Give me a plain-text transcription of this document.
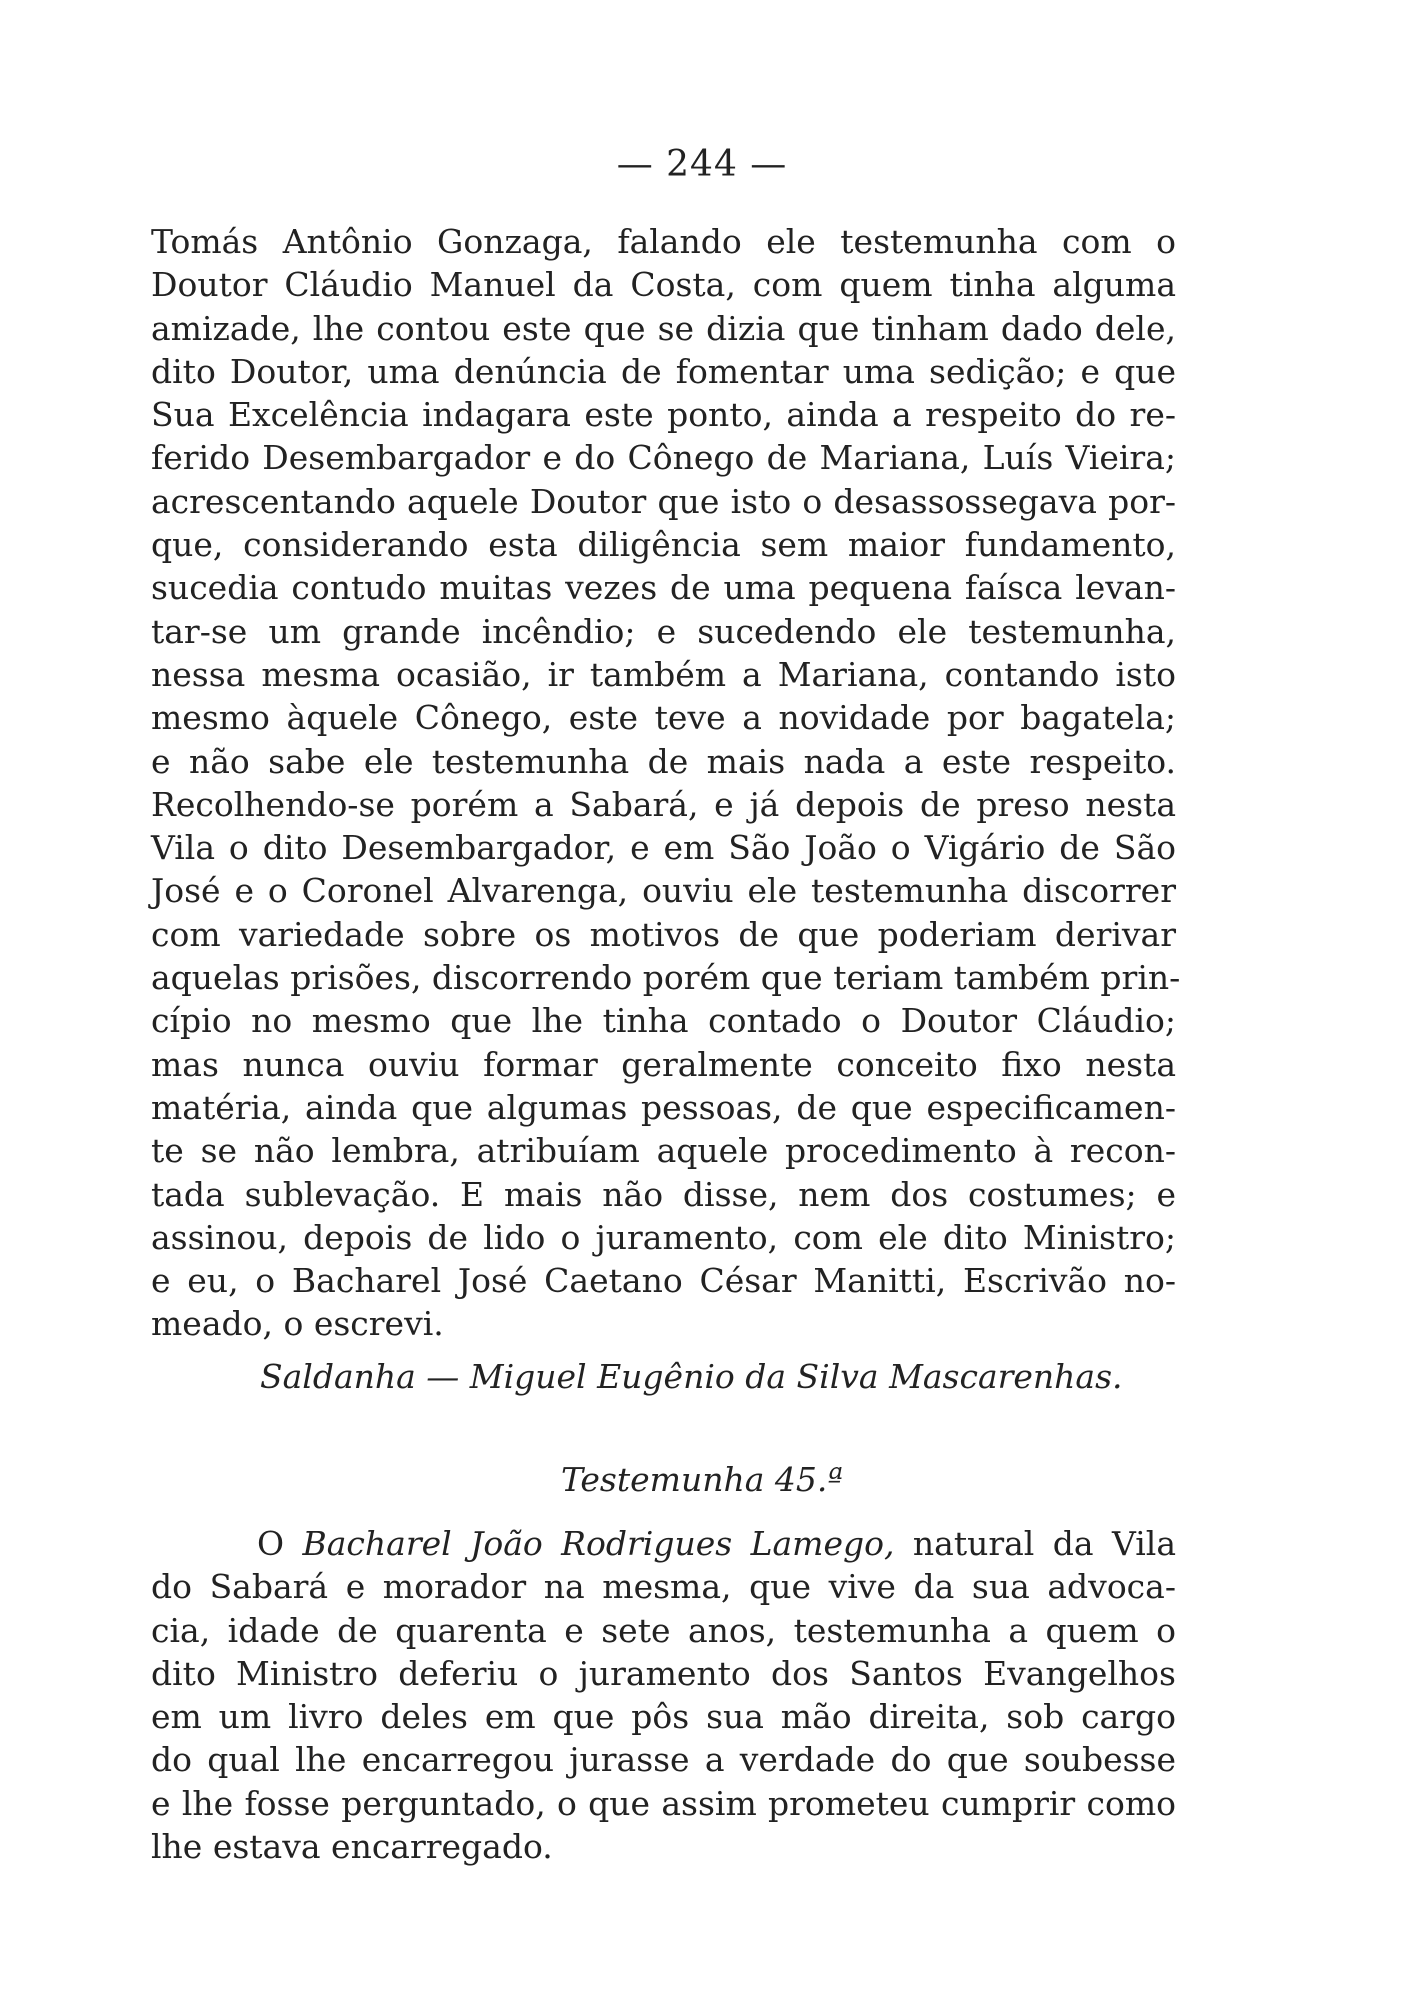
— 244 —
Tomás Antônio Gonzaga, falando ele testemunha com o
Doutor Cláudio Manuel da Costa, com quem tinha alguma
amizade, lhe contou este que se dizia que tinham dado dele,
dito Doutor, uma denúncia de fomentar uma sedição; e que
Sua Excelência indagara este ponto, ainda a respeito do re-
ferido Desembargador e do Cônego de Mariana, Luís Vieira;
acrescentando aquele Doutor que isto o desassossegava por-
que, considerando esta diligência sem maior fundamento,
sucedia contudo muitas vezes de uma pequena faísca levan-
tar-se um grande incêndio; e sucedendo ele testemunha,
nessa mesma ocasião, ir também a Mariana, contando isto
mesmo àquele Cônego, este teve a novidade por bagatela;
e não sabe ele testemunha de mais nada a este respeito.
Recolhendo-se porém a Sabará, e já depois de preso nesta
Vila o dito Desembargador, e em São João o Vigário de São
José e o Coronel Alvarenga, ouviu ele testemunha discorrer
com variedade sobre os motivos de que poderiam derivar
aquelas prisões, discorrendo porém que teriam também prin-
cípio no mesmo que lhe tinha contado o Doutor Cláudio;
mas nunca ouviu formar geralmente conceito fixo nesta
matéria, ainda que algumas pessoas, de que especificamen-
te se não lembra, atribuíam aquele procedimento à recon-
tada sublevação. E mais não disse, nem dos costumes; e
assinou, depois de lido o juramento, com ele dito Ministro;
e eu, o Bacharel José Caetano César Manitti, Escrivão no-
meado, o escrevi.
Saldanha — Miguel Eugênio da Silva Mascarenhas.
Testemunha 45.ª
O Bacharel João Rodrigues Lamego, natural da Vila
do Sabará e morador na mesma, que vive da sua advoca-
cia, idade de quarenta e sete anos, testemunha a quem o
dito Ministro deferiu o juramento dos Santos Evangelhos
em um livro deles em que pôs sua mão direita, sob cargo
do qual lhe encarregou jurasse a verdade do que soubesse
e lhe fosse perguntado, o que assim prometeu cumprir como
lhe estava encarregado.
